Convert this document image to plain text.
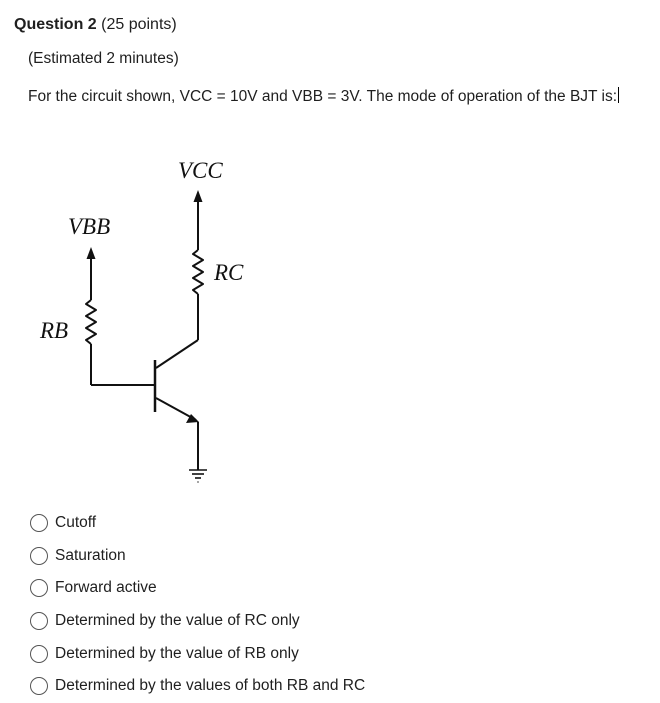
Question 2 (25 points)
(Estimated 2 minutes)
For the circuit shown, VCC = 10V and VBB = 3V. The mode of operation of the BJT is:
VCC
VBB
RC
RB
Cutoff
Saturation
Forward active
Determined by the value of RC only
Determined by the value of RB only
Determined by the values of both RB and RC
